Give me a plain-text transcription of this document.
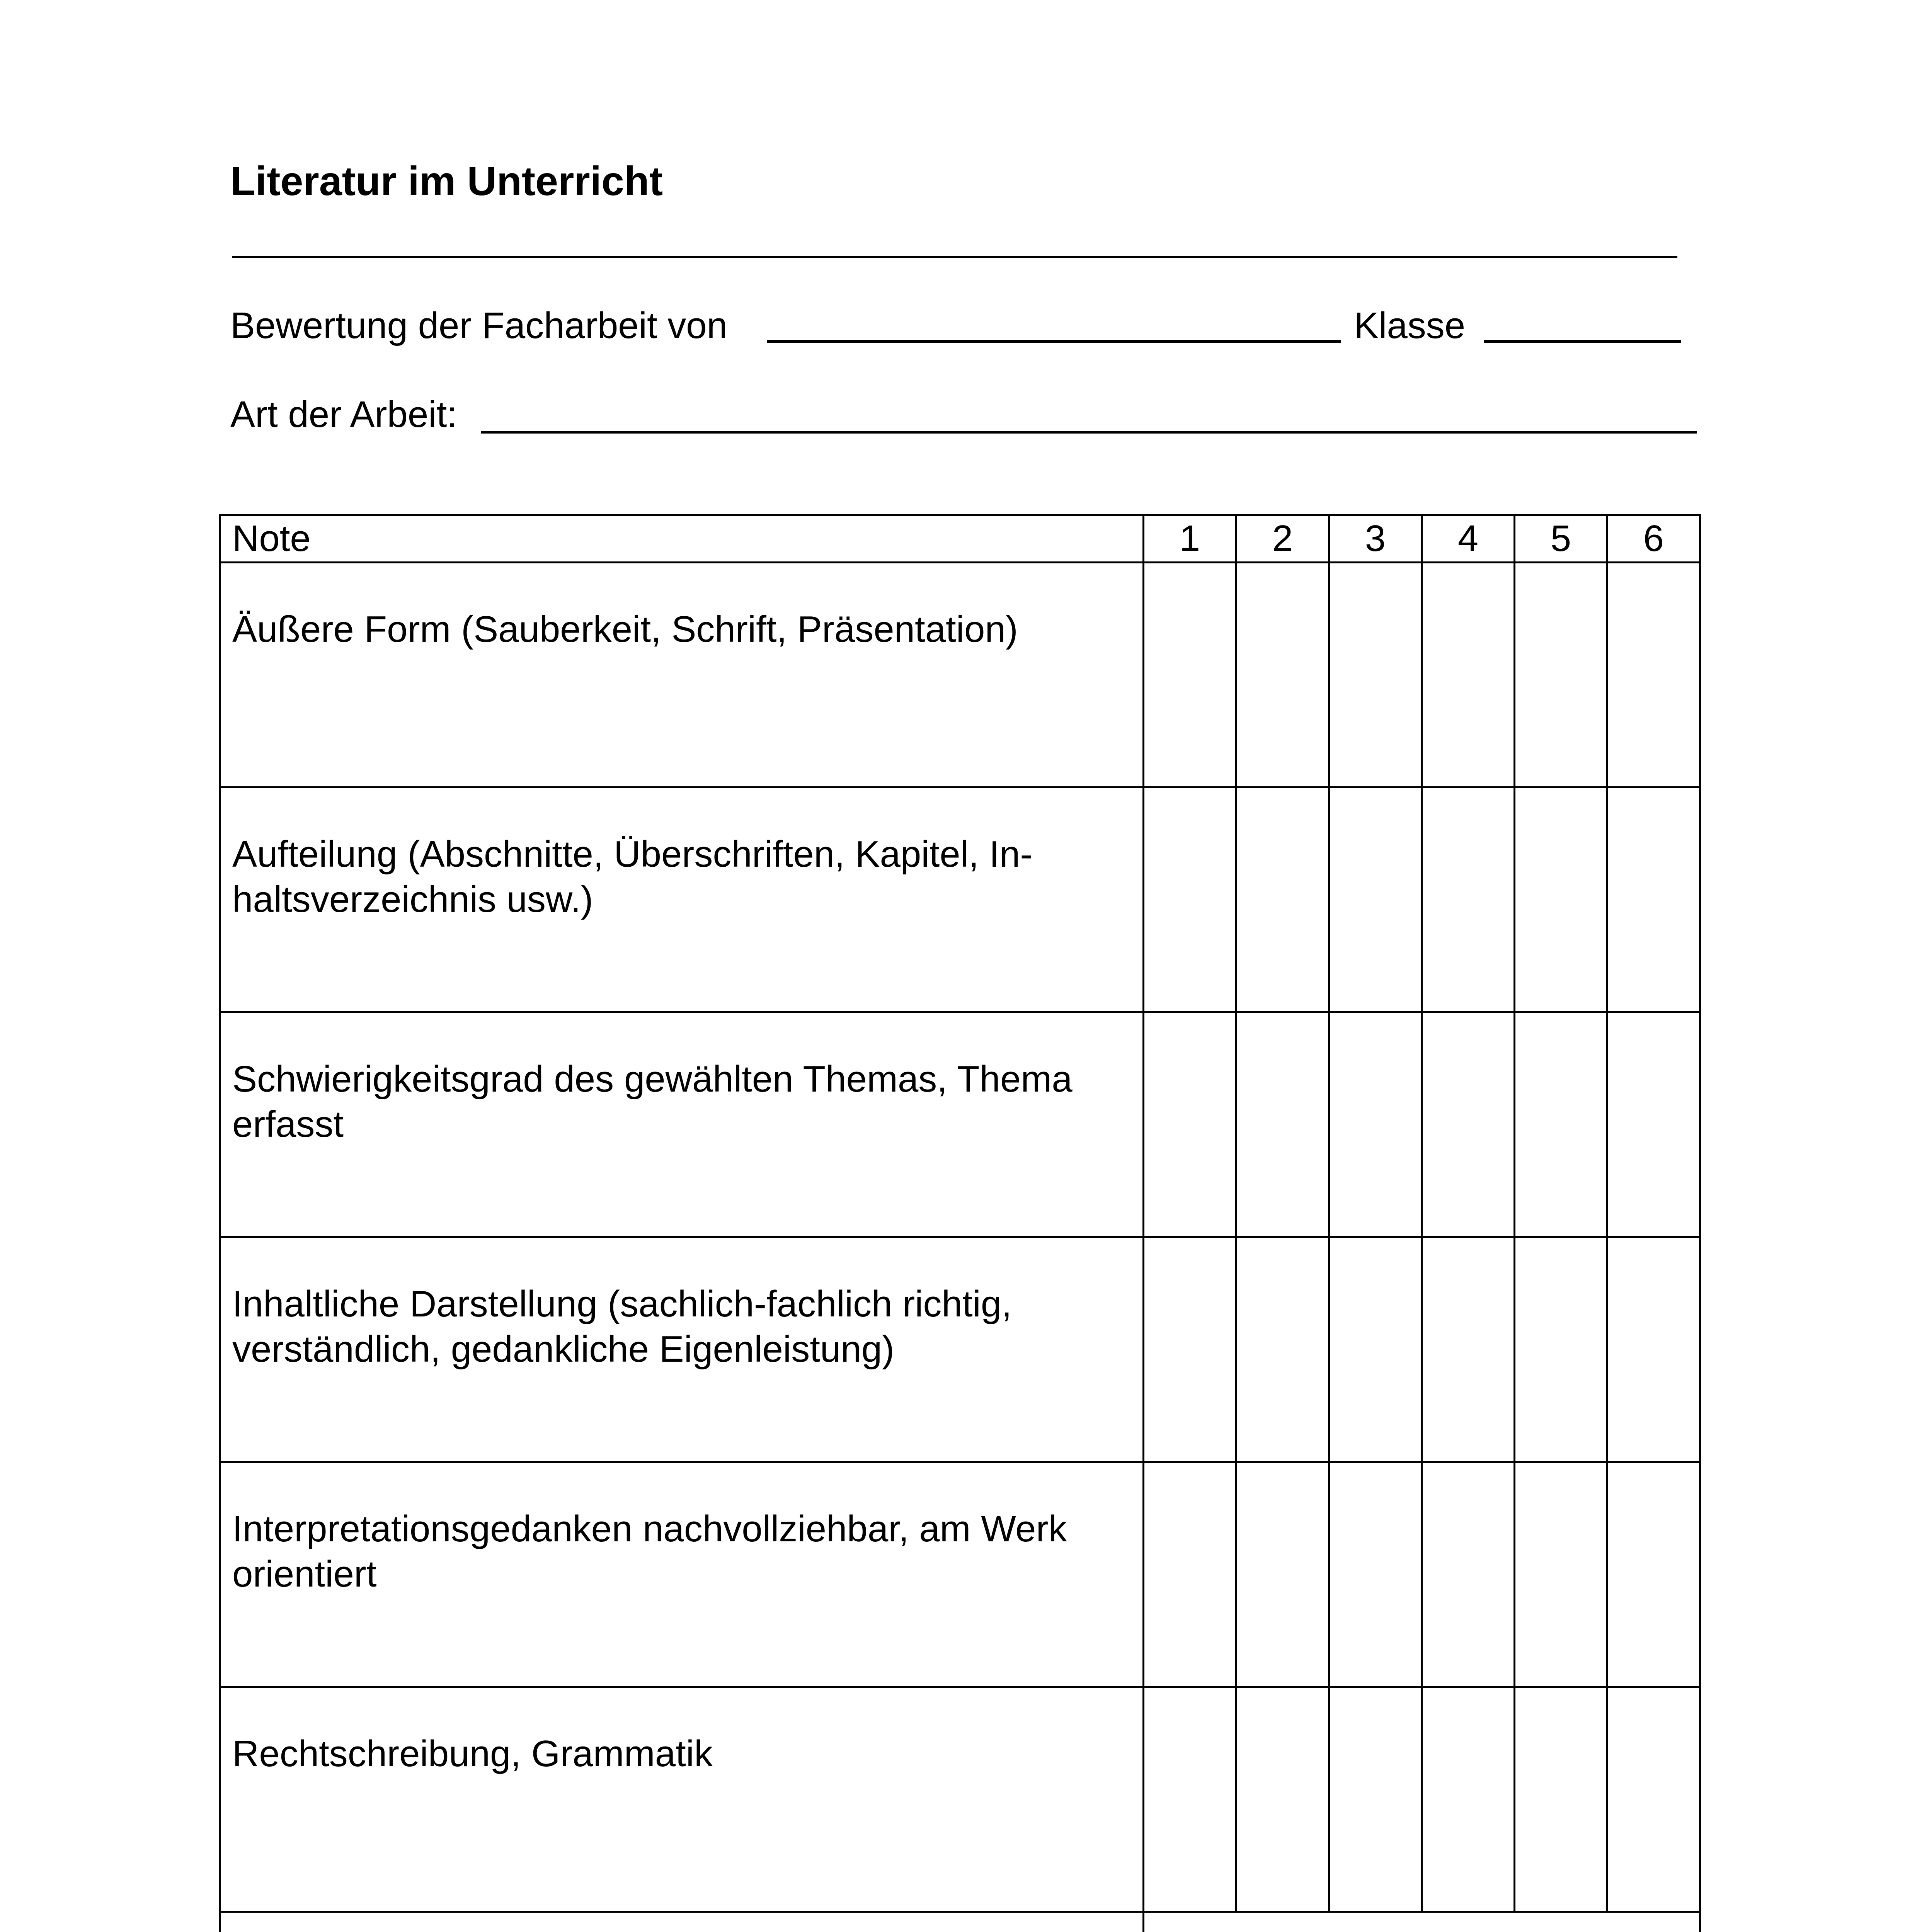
Literatur im Unterricht
Bewertung der Facharbeit von	Klasse
Art der Arbeit:
Note	1	2	3	4	5	6
Äußere Form (Sauberkeit, Schrift, Präsentation)						
Aufteilung (Abschnitte, Überschriften, Kapitel, In-
haltsverzeichnis usw.)						
Schwierigkeitsgrad des gewählten Themas, Thema
erfasst						
Inhaltliche Darstellung (sachlich-fachlich richtig,
verständlich, gedankliche Eigenleistung)						
Interpretationsgedanken nachvollziehbar, am Werk
orientiert						
Rechtschreibung, Grammatik						
